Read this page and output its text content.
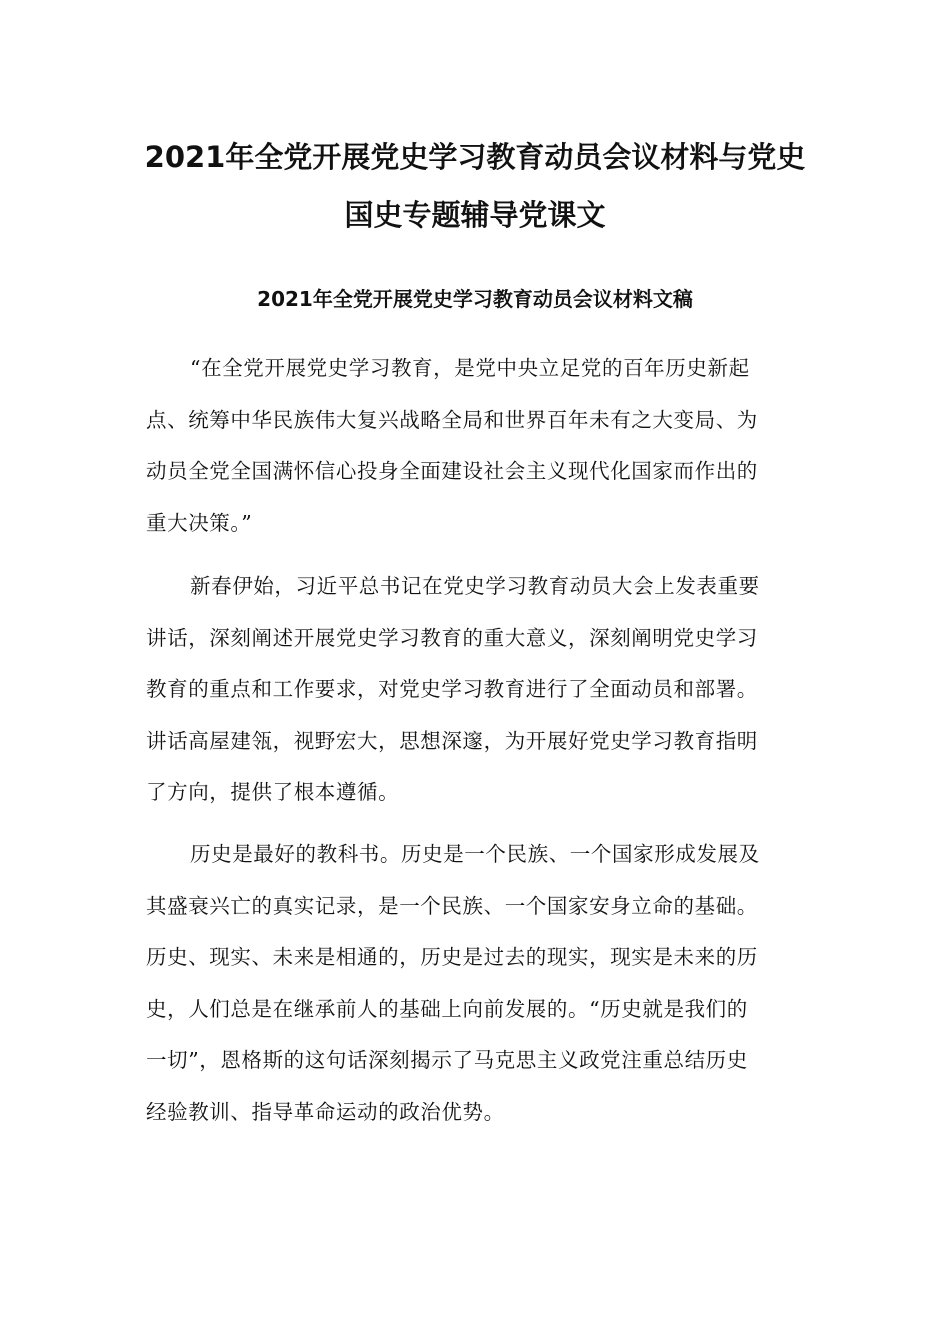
2021年全党开展党史学习教育动员会议材料与党史
国史专题辅导党课文
2021年全党开展党史学习教育动员会议材料文稿
“在全党开展党史学习教育，是党中央立足党的百年历史新起
点、统筹中华民族伟大复兴战略全局和世界百年未有之大变局、为
动员全党全国满怀信心投身全面建设社会主义现代化国家而作出的
重大决策。”
新春伊始，习近平总书记在党史学习教育动员大会上发表重要
讲话，深刻阐述开展党史学习教育的重大意义，深刻阐明党史学习
教育的重点和工作要求，对党史学习教育进行了全面动员和部署。
讲话高屋建瓴，视野宏大，思想深邃，为开展好党史学习教育指明
了方向，提供了根本遵循。
历史是最好的教科书。历史是一个民族、一个国家形成发展及
其盛衰兴亡的真实记录，是一个民族、一个国家安身立命的基础。
历史、现实、未来是相通的，历史是过去的现实，现实是未来的历
史，人们总是在继承前人的基础上向前发展的。“历史就是我们的
一切”，恩格斯的这句话深刻揭示了马克思主义政党注重总结历史
经验教训、指导革命运动的政治优势。
